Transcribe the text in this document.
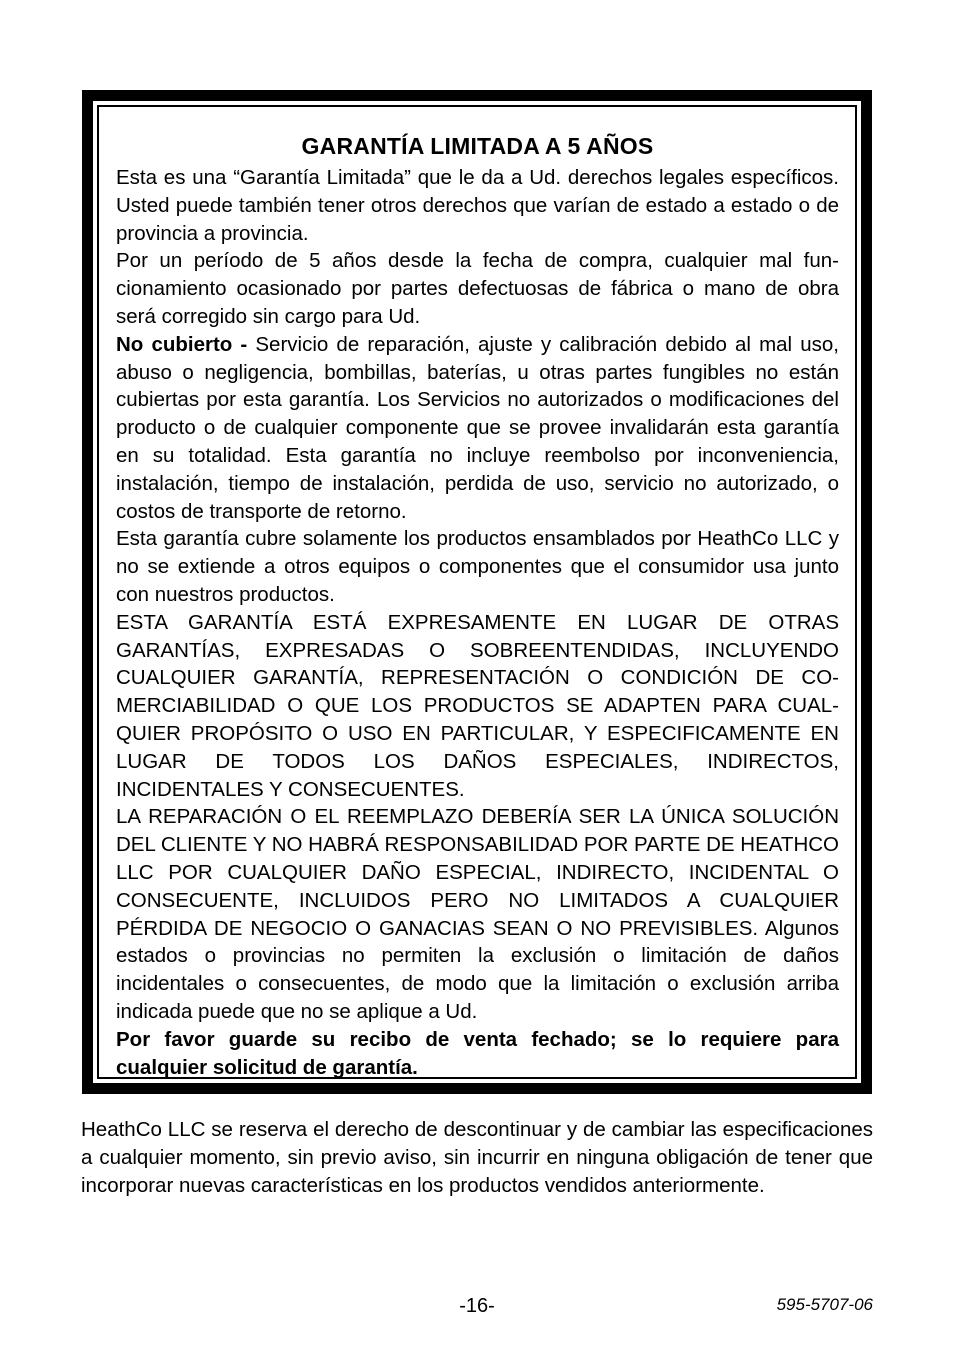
GARANTÍA LIMITADA A 5 AÑOS

Esta es una “Garantía Limitada” que le da a Ud. derechos legales específicos. Usted puede también tener otros derechos que varían de estado a estado o de provincia a provincia.

Por un período de 5 años desde la fecha de compra, cualquier mal funcionamiento ocasionado por partes defectuosas de fábrica o mano de obra será corregido sin cargo para Ud.

No cubierto - Servicio de reparación, ajuste y calibración debido al mal uso, abuso o negligencia, bombillas, baterías, u otras partes fungibles no están cubiertas por esta garantía. Los Servicios no autorizados o modificaciones del producto o de cualquier componente que se provee invalidarán esta garantía en su totalidad. Esta garantía no incluye reembolso por inconveniencia, instalación, tiempo de instalación, perdida de uso, servicio no autorizado, o costos de transporte de retorno.

Esta garantía cubre solamente los productos ensamblados por HeathCo LLC y no se extiende a otros equipos o componentes que el consumidor usa junto con nuestros productos.

ESTA GARANTÍA ESTÁ EXPRESAMENTE EN LUGAR DE OTRAS GARANTÍAS, EXPRESADAS O SOBREENTENDIDAS, INCLUYENDO CUALQUIER GARANTÍA, REPRESENTACIÓN O CONDICIÓN DE COMERCIABILIDAD O QUE LOS PRODUCTOS SE ADAPTEN PARA CUALQUIER PROPÓSITO O USO EN PARTICULAR, Y ESPECIFICAMENTE EN LUGAR DE TODOS LOS DAÑOS ESPECIALES, INDIRECTOS, INCIDENTALES Y CONSECUENTES.

LA REPARACIÓN O EL REEMPLAZO DEBERÍA SER LA ÚNICA SOLUCIÓN DEL CLIENTE Y NO HABRÁ RESPONSABILIDAD POR PARTE DE HEATHCO LLC POR CUALQUIER DAÑO ESPECIAL, INDIRECTO, INCIDENTAL O CONSECUENTE, INCLUIDOS PERO NO LIMITADOS A CUALQUIER PÉRDIDA DE NEGOCIO O GANACIAS SEAN O NO PREVISIBLES. Algunos estados o provincias no permiten la exclusión o limitación de daños incidentales o consecuentes, de modo que la limitación o exclusión arriba indicada puede que no se aplique a Ud.

Por favor guarde su recibo de venta fechado; se lo requiere para cualquier solicitud de garantía.

HeathCo LLC se reserva el derecho de descontinuar y de cambiar las especificaciones a cualquier momento, sin previo aviso, sin incurrir en ninguna obligación de tener que incorporar nuevas características en los productos vendidos anteriormente.

-16-	595-5707-06
